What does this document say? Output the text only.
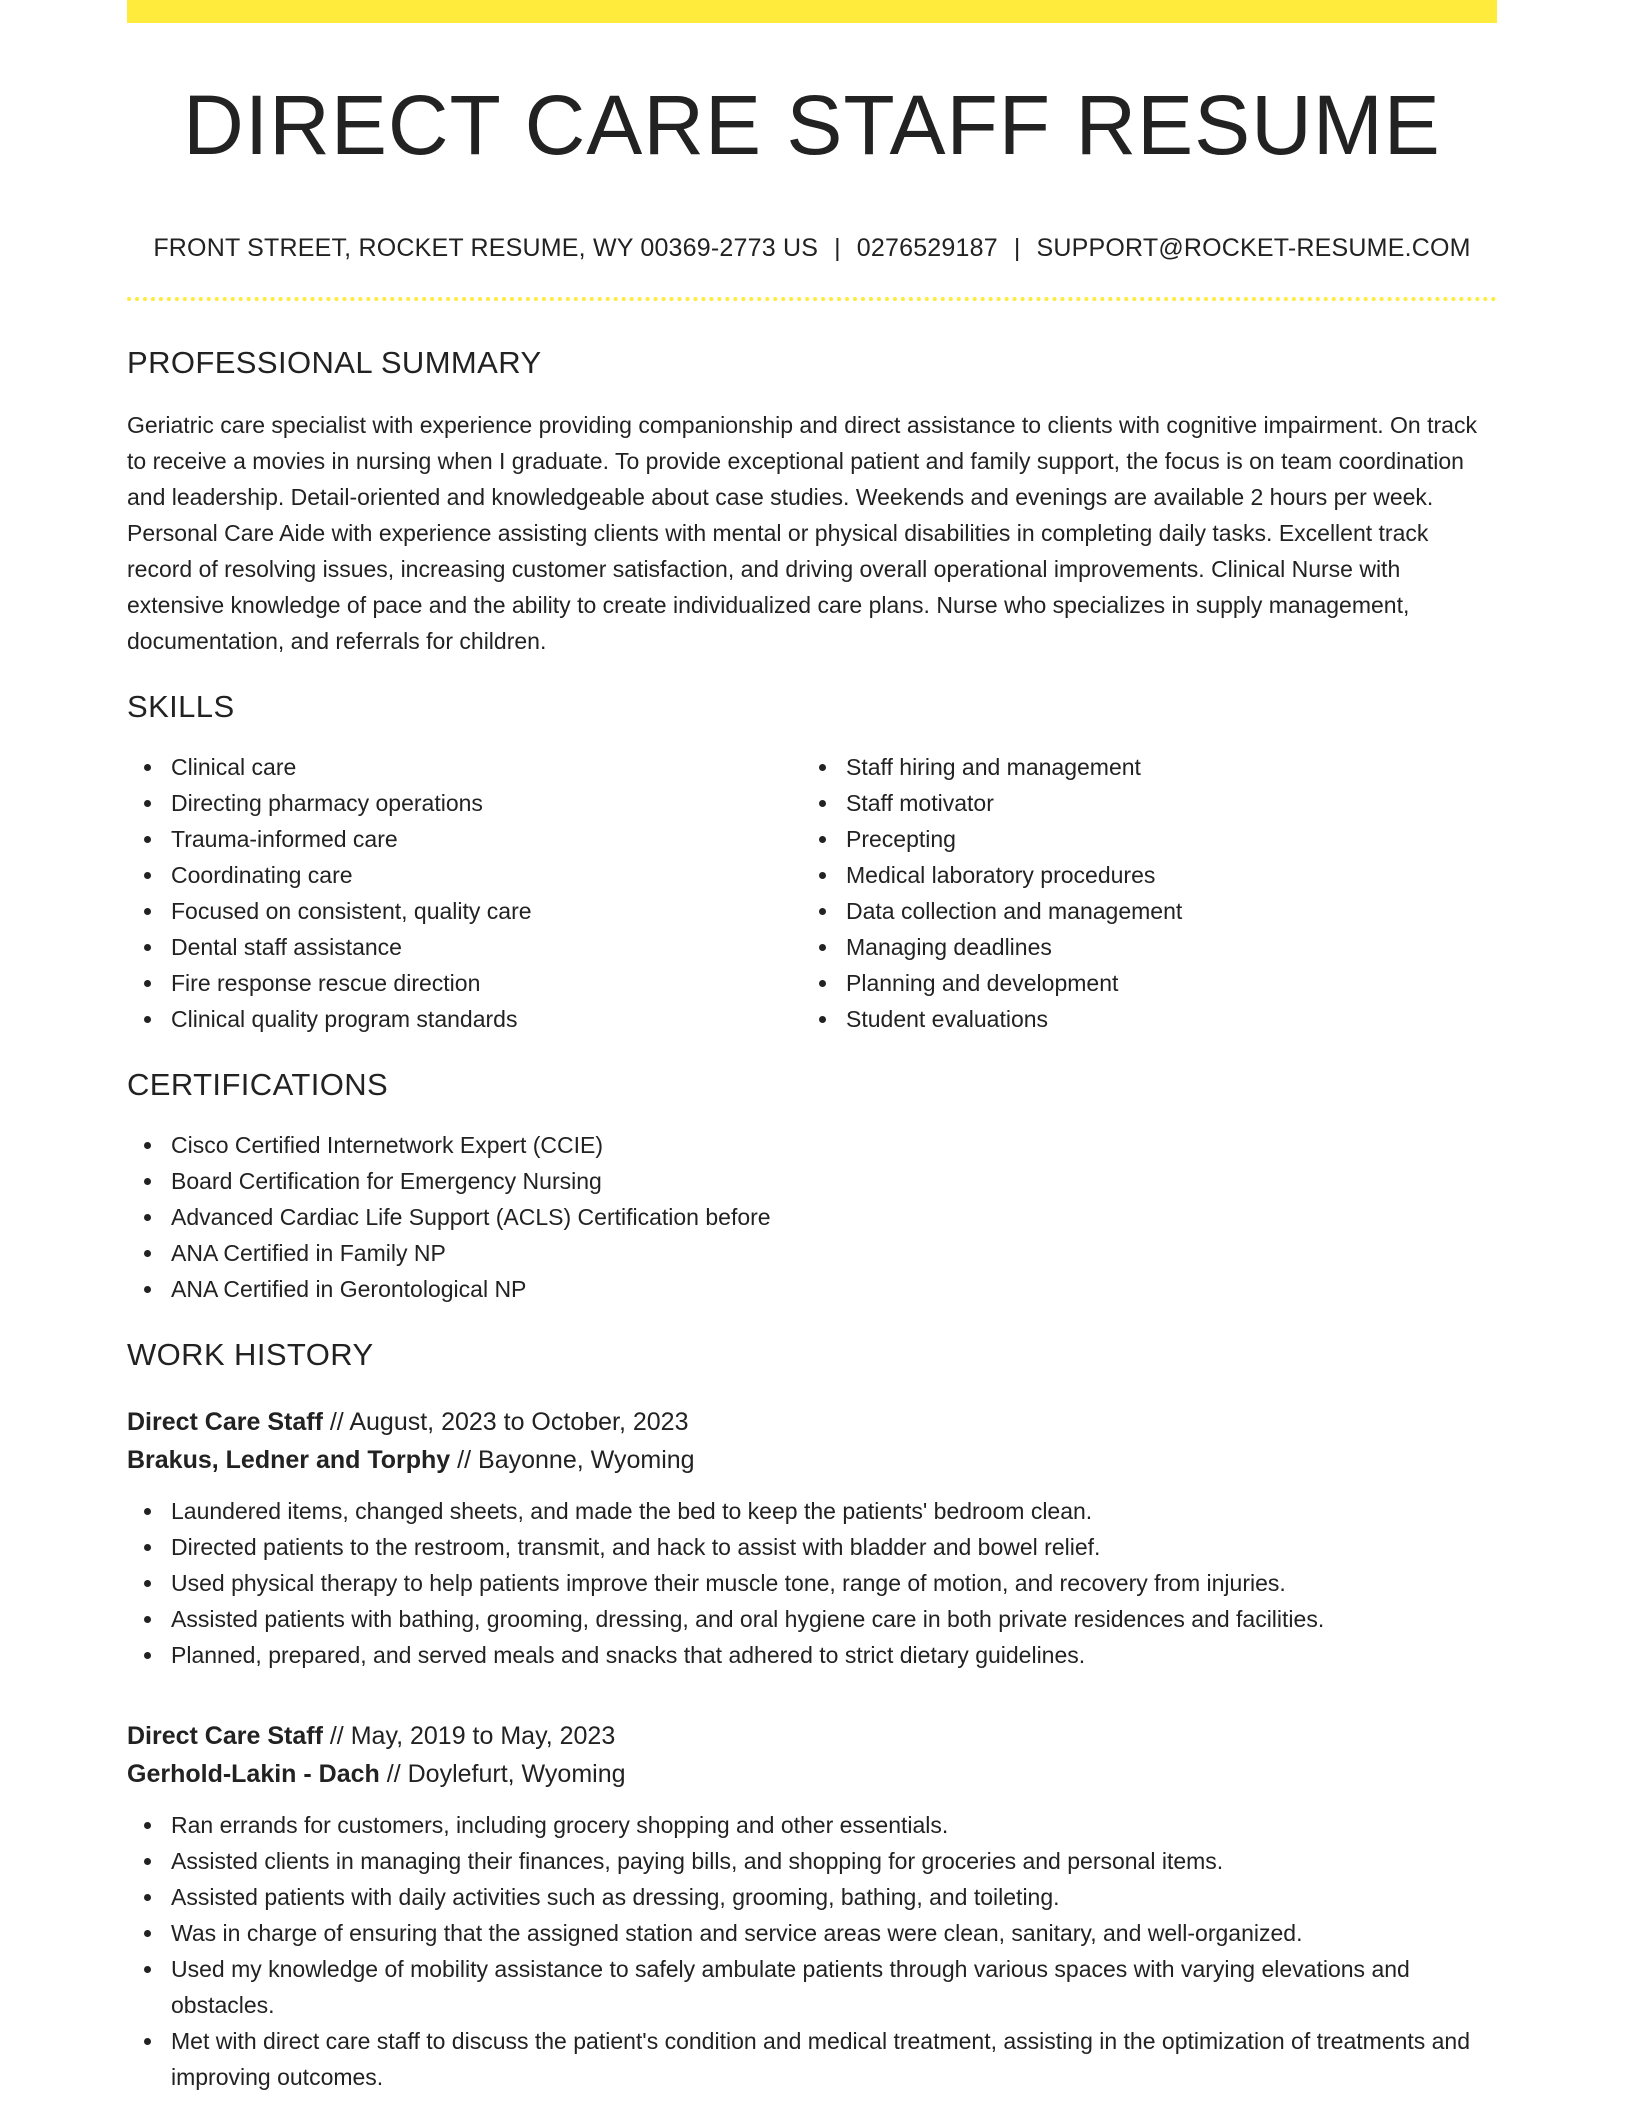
DIRECT CARE STAFF RESUME
FRONT STREET, ROCKET RESUME, WY 00369-2773 US | 0276529187 | SUPPORT@ROCKET-RESUME.COM
PROFESSIONAL SUMMARY

Geriatric care specialist with experience providing companionship and direct assistance to clients with cognitive impairment. On track to receive a movies in nursing when I graduate. To provide exceptional patient and family support, the focus is on team coordination and leadership. Detail-oriented and knowledgeable about case studies. Weekends and evenings are available 2 hours per week. Personal Care Aide with experience assisting clients with mental or physical disabilities in completing daily tasks. Excellent track record of resolving issues, increasing customer satisfaction, and driving overall operational improvements. Clinical Nurse with extensive knowledge of pace and the ability to create individualized care plans. Nurse who specializes in supply management, documentation, and referrals for children.

SKILLS
Clinical care
Directing pharmacy operations
Trauma-informed care
Coordinating care
Focused on consistent, quality care
Dental staff assistance
Fire response rescue direction
Clinical quality program standards
Staff hiring and management
Staff motivator
Precepting
Medical laboratory procedures
Data collection and management
Managing deadlines
Planning and development
Student evaluations
CERTIFICATIONS
Cisco Certified Internetwork Expert (CCIE)
Board Certification for Emergency Nursing
Advanced Cardiac Life Support (ACLS) Certification before
ANA Certified in Family NP
ANA Certified in Gerontological NP
WORK HISTORY
Direct Care Staff // August, 2023 to October, 2023
Brakus, Ledner and Torphy // Bayonne, Wyoming
Laundered items, changed sheets, and made the bed to keep the patients' bedroom clean.
Directed patients to the restroom, transmit, and hack to assist with bladder and bowel relief.
Used physical therapy to help patients improve their muscle tone, range of motion, and recovery from injuries.
Assisted patients with bathing, grooming, dressing, and oral hygiene care in both private residences and facilities.
Planned, prepared, and served meals and snacks that adhered to strict dietary guidelines.
Direct Care Staff // May, 2019 to May, 2023
Gerhold-Lakin - Dach // Doylefurt, Wyoming
Ran errands for customers, including grocery shopping and other essentials.
Assisted clients in managing their finances, paying bills, and shopping for groceries and personal items.
Assisted patients with daily activities such as dressing, grooming, bathing, and toileting.
Was in charge of ensuring that the assigned station and service areas were clean, sanitary, and well-organized.
Used my knowledge of mobility assistance to safely ambulate patients through various spaces with varying elevations and obstacles.
Met with direct care staff to discuss the patient's condition and medical treatment, assisting in the optimization of treatments and improving outcomes.
